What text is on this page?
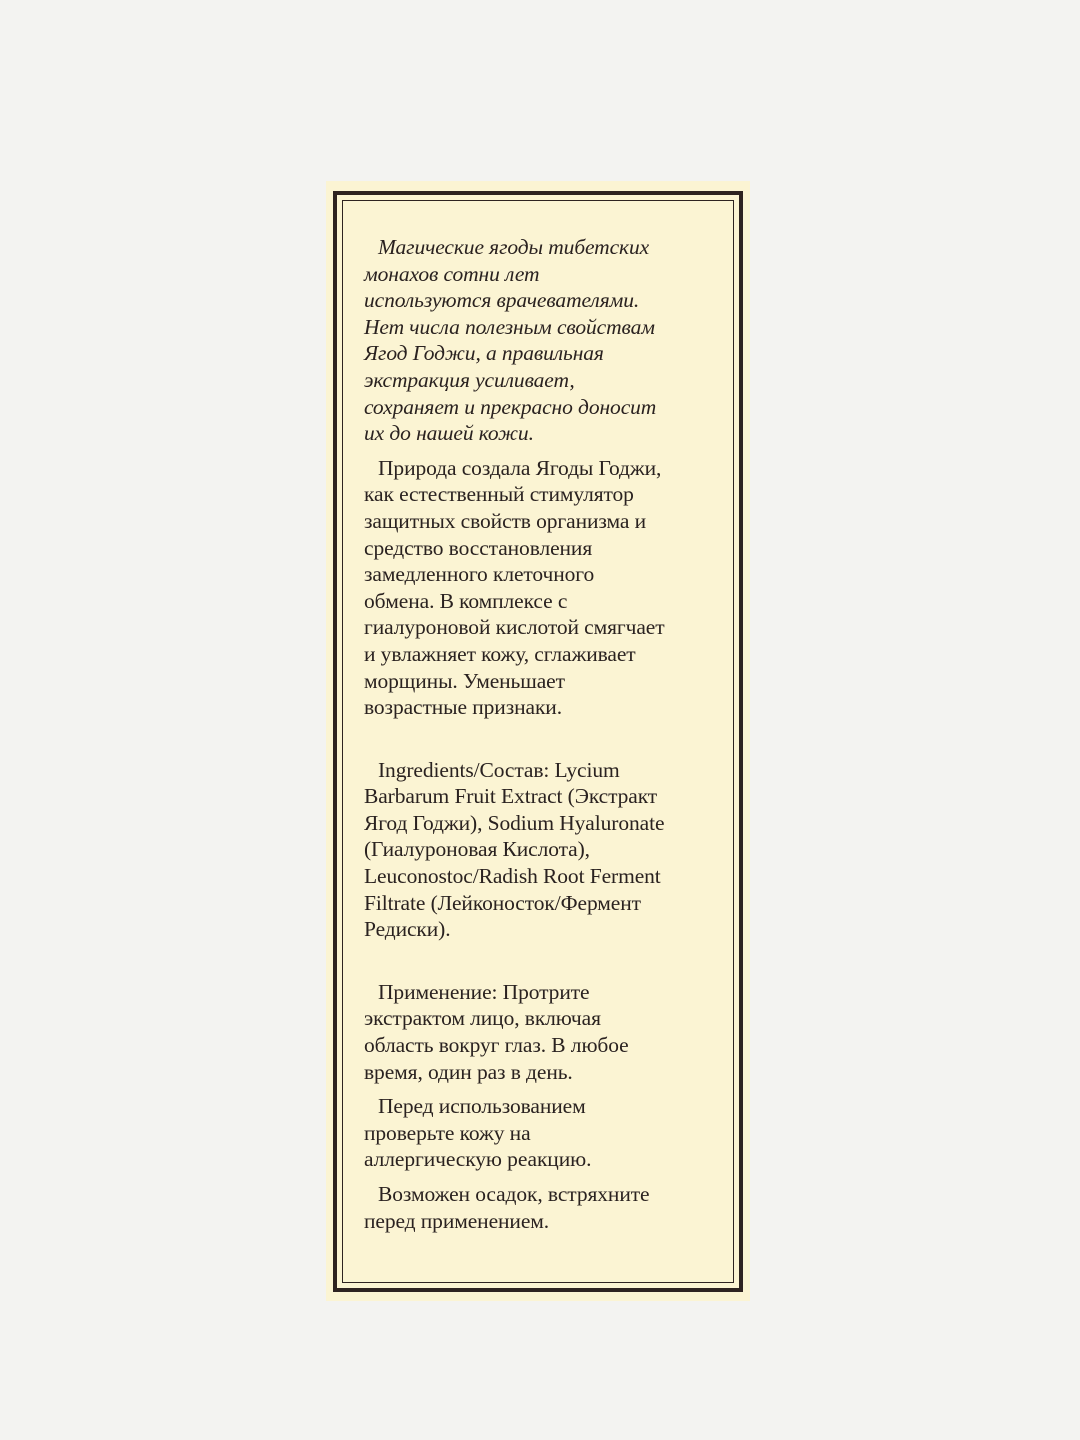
Магические ягоды тибетских
монахов сотни лет
используются врачевателями.
Нет числа полезным свойствам
Ягод Годжи, а правильная
экстракция усиливает,
сохраняет и прекрасно доносит
их до нашей кожи.

Природа создала Ягоды Годжи,
как естественный стимулятор
защитных свойств организма и
средство восстановления
замедленного клеточного
обмена. В комплексе с
гиалуроновой кислотой смягчает
и увлажняет кожу, сглаживает
морщины. Уменьшает
возрастные признаки.

Ingredients/Состав: Lycium
Barbarum Fruit Extract (Экстракт
Ягод Годжи), Sodium Hyaluronate
(Гиалуроновая Кислота),
Leuconostoc/Radish Root Ferment
Filtrate (Лейконосток/Фермент
Редиски).

Применение: Протрите
экстрактом лицо, включая
область вокруг глаз. В любое
время, один раз в день.

Перед использованием
проверьте кожу на
аллергическую реакцию.

Возможен осадок, встряхните
перед применением.
